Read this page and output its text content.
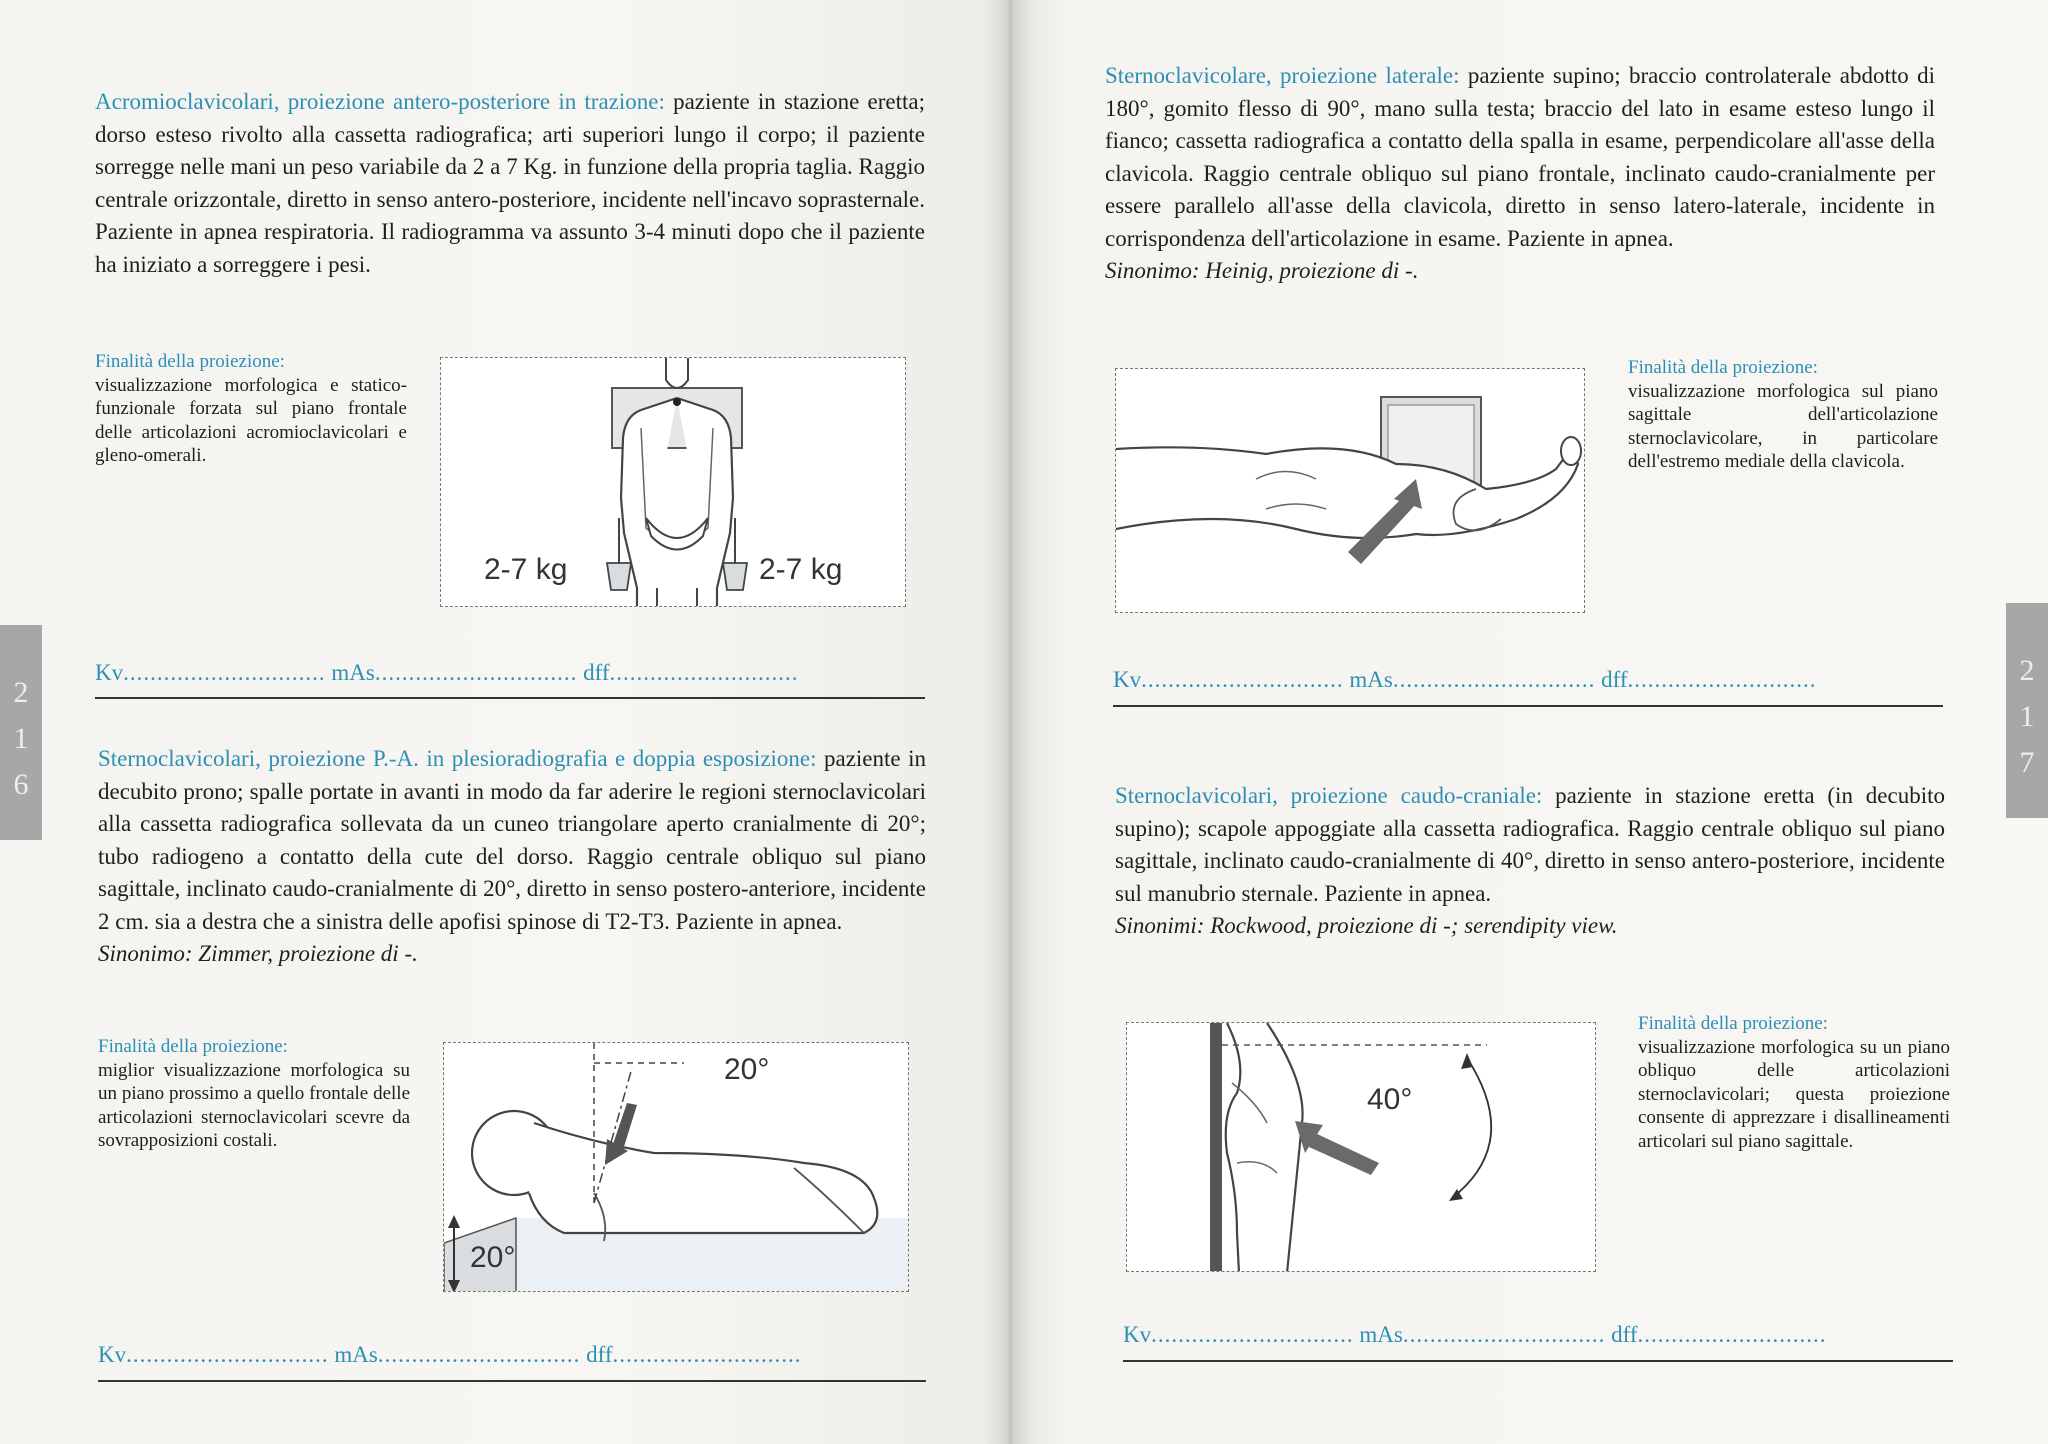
2
1
6
2
1
7

Acromioclavicolari, proiezione antero-posteriore in trazione: paziente in stazione eretta; dorso esteso rivolto alla cassetta radiografica; arti superiori lungo il corpo; il paziente sorregge nelle mani un peso variabile da 2 a 7 Kg. in funzione della propria taglia. Raggio centrale orizzontale, diretto in senso antero-posteriore, incidente nell'incavo soprasternale. Paziente in apnea respiratoria. Il radiogramma va assunto 3-4 minuti dopo che il paziente ha iniziato a sorreggere i pesi.

Finalità della proiezione:
visualizzazione morfologica e statico-funzionale forzata sul piano frontale delle articolazioni acromioclavicolari e gleno-omerali.

2-7 kg	2-7 kg
Kv.............................. mAs.............................. dff............................

Sternoclavicolari, proiezione P.-A. in plesioradiografia e doppia esposizione: paziente in decubito prono; spalle portate in avanti in modo da far aderire le regioni sternoclavicolari alla cassetta radiografica sollevata da un cuneo triangolare aperto cranialmente di 20°; tubo radiogeno a contatto della cute del dorso. Raggio centrale obliquo sul piano sagittale, inclinato caudo-cranialmente di 20°, diretto in senso postero-anteriore, incidente 2 cm. sia a destra che a sinistra delle apofisi spinose di T2-T3. Paziente in apnea.
Sinonimo: Zimmer, proiezione di -.

Finalità della proiezione:
miglior visualizzazione morfologica su un piano prossimo a quello frontale delle articolazioni sternoclavicolari scevre da sovrapposizioni costali.

20°
20°
Kv.............................. mAs.............................. dff............................

Sternoclavicolare, proiezione laterale: paziente supino; braccio controlaterale abdotto di 180°, gomito flesso di 90°, mano sulla testa; braccio del lato in esame esteso lungo il fianco; cassetta radiografica a contatto della spalla in esame, perpendicolare all'asse della clavicola. Raggio centrale obliquo sul piano frontale, inclinato caudo-cranialmente per essere parallelo all'asse della clavicola, diretto in senso latero-laterale, incidente in corrispondenza dell'articolazione in esame. Paziente in apnea.
Sinonimo: Heinig, proiezione di -.

Finalità della proiezione:
visualizzazione morfologica sul piano sagittale dell'articolazione sternoclavicolare, in particolare dell'estremo mediale della clavicola.

Kv.............................. mAs.............................. dff............................

Sternoclavicolari, proiezione caudo-craniale: paziente in stazione eretta (in decubito supino); scapole appoggiate alla cassetta radiografica. Raggio centrale obliquo sul piano sagittale, inclinato caudo-cranialmente di 40°, diretto in senso antero-posteriore, incidente sul manubrio sternale. Paziente in apnea.
Sinonimi: Rockwood, proiezione di -; serendipity view.

40°

Finalità della proiezione:
visualizzazione morfologica su un piano obliquo delle articolazioni sternoclavicolari; questa proiezione consente di apprezzare i disallineamenti articolari sul piano sagittale.

Kv.............................. mAs.............................. dff............................
